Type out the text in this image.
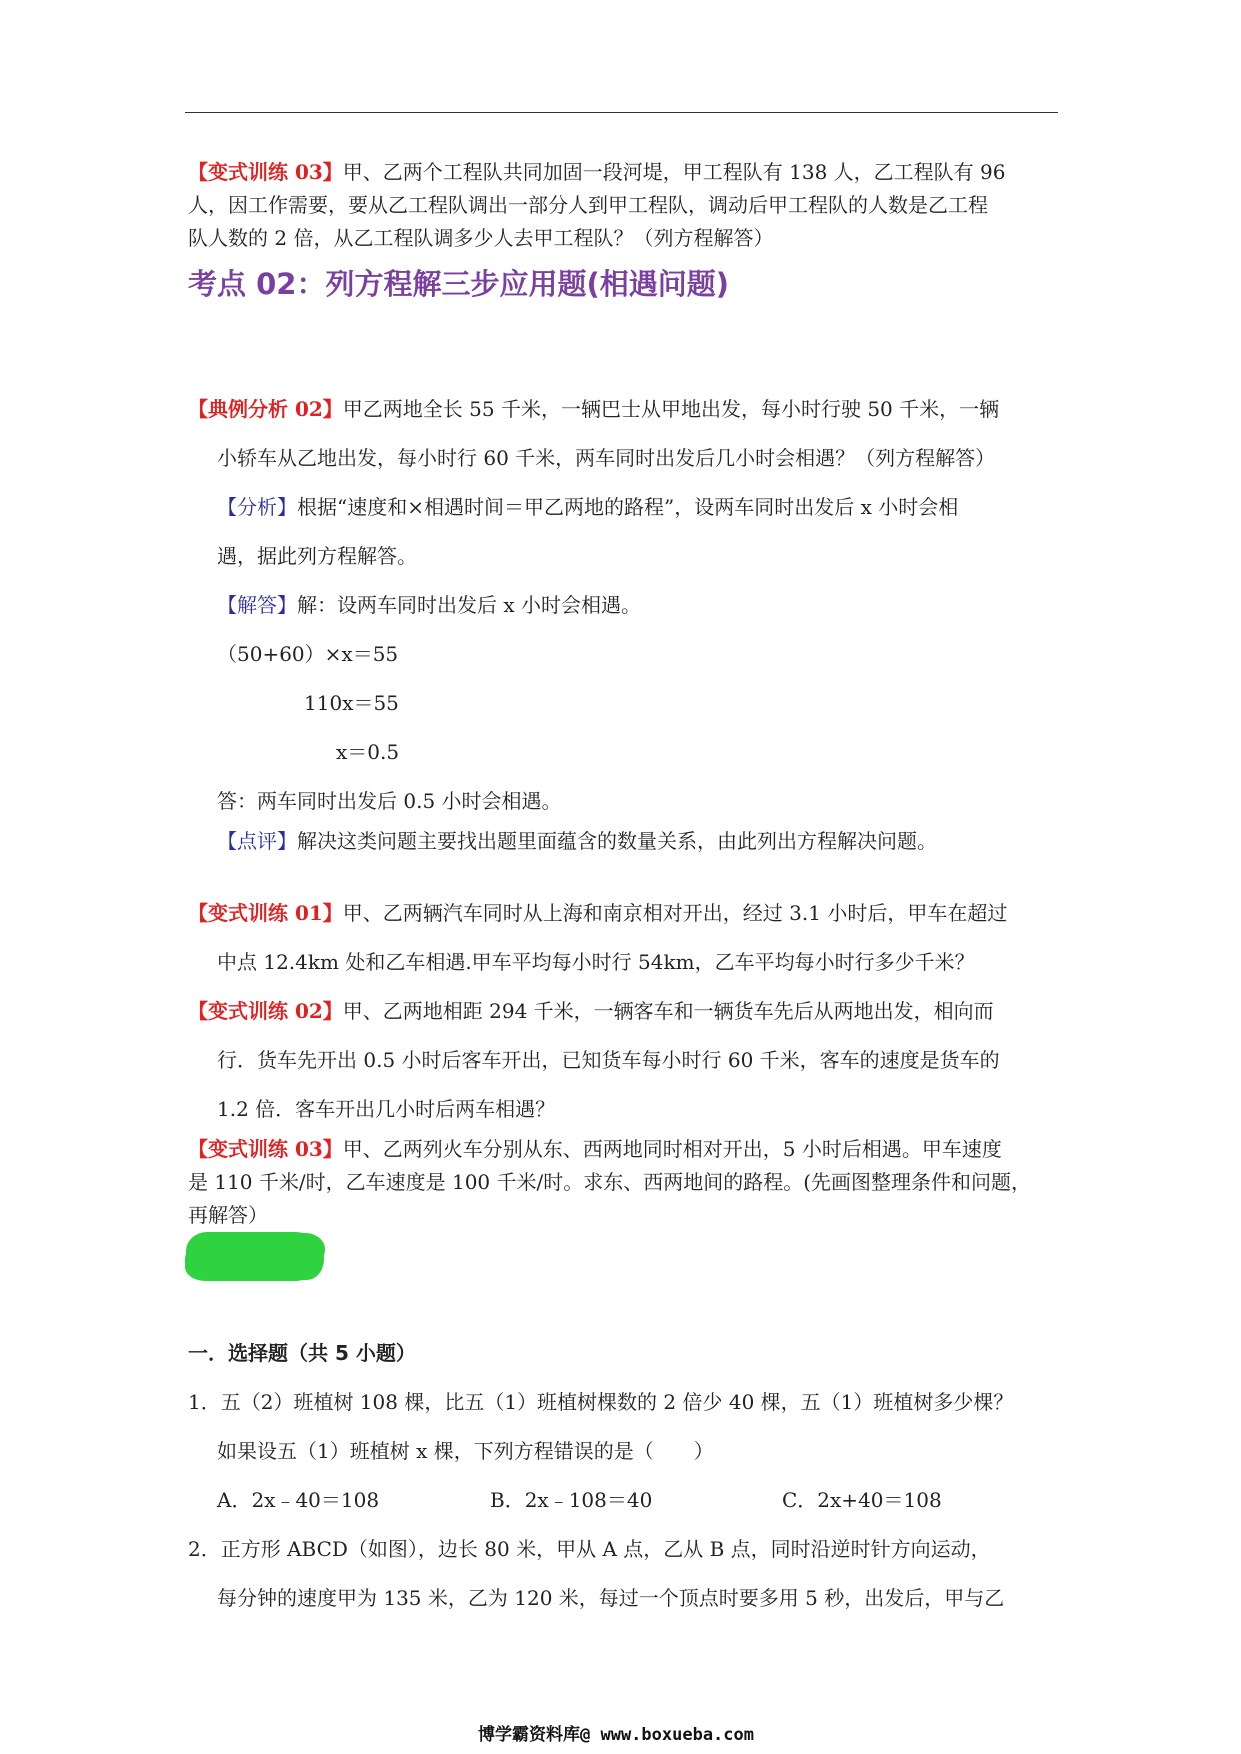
【变式训练 03】甲、乙两个工程队共同加固一段河堤，甲工程队有 138 人，乙工程队有 96
人，因工作需要，要从乙工程队调出一部分人到甲工程队，调动后甲工程队的人数是乙工程
队人数的 2 倍，从乙工程队调多少人去甲工程队？（列方程解答）
考点 02：列方程解三步应用题(相遇问题)
【典例分析 02】甲乙两地全长 55 千米，一辆巴士从甲地出发，每小时行驶 50 千米，一辆
小轿车从乙地出发，每小时行 60 千米，两车同时出发后几小时会相遇？（列方程解答）
【分析】根据“速度和×相遇时间＝甲乙两地的路程”，设两车同时出发后 x 小时会相
遇，据此列方程解答。
【解答】解：设两车同时出发后 x 小时会相遇。
（50+60）×x＝55
110x＝55
x＝0.5
答：两车同时出发后 0.5 小时会相遇。
【点评】解决这类问题主要找出题里面蕴含的数量关系，由此列出方程解决问题。
【变式训练 01】甲、乙两辆汽车同时从上海和南京相对开出，经过 3.1 小时后，甲车在超过
中点 12.4km 处和乙车相遇.甲车平均每小时行 54km，乙车平均每小时行多少千米？
【变式训练 02】甲、乙两地相距 294 千米，一辆客车和一辆货车先后从两地出发，相向而
行．货车先开出 0.5 小时后客车开出，已知货车每小时行 60 千米，客车的速度是货车的
1.2 倍．客车开出几小时后两车相遇？
【变式训练 03】甲、乙两列火车分别从东、西两地同时相对开出，5 小时后相遇。甲车速度
是 110 千米/时，乙车速度是 100 千米/时。求东、西两地间的路程。(先画图整理条件和问题，
再解答）
一．选择题（共 5 小题）
1．五（2）班植树 108 棵，比五（1）班植树棵数的 2 倍少 40 棵，五（1）班植树多少棵？
如果设五（1）班植树 x 棵，下列方程错误的是（　　）
A．2x﹣40＝108	B．2x﹣108＝40	C．2x+40＝108
2．正方形 ABCD（如图），边长 80 米，甲从 A 点，乙从 B 点，同时沿逆时针方向运动，
每分钟的速度甲为 135 米，乙为 120 米，每过一个顶点时要多用 5 秒，出发后，甲与乙
博学霸资料库@ www.boxueba.com
